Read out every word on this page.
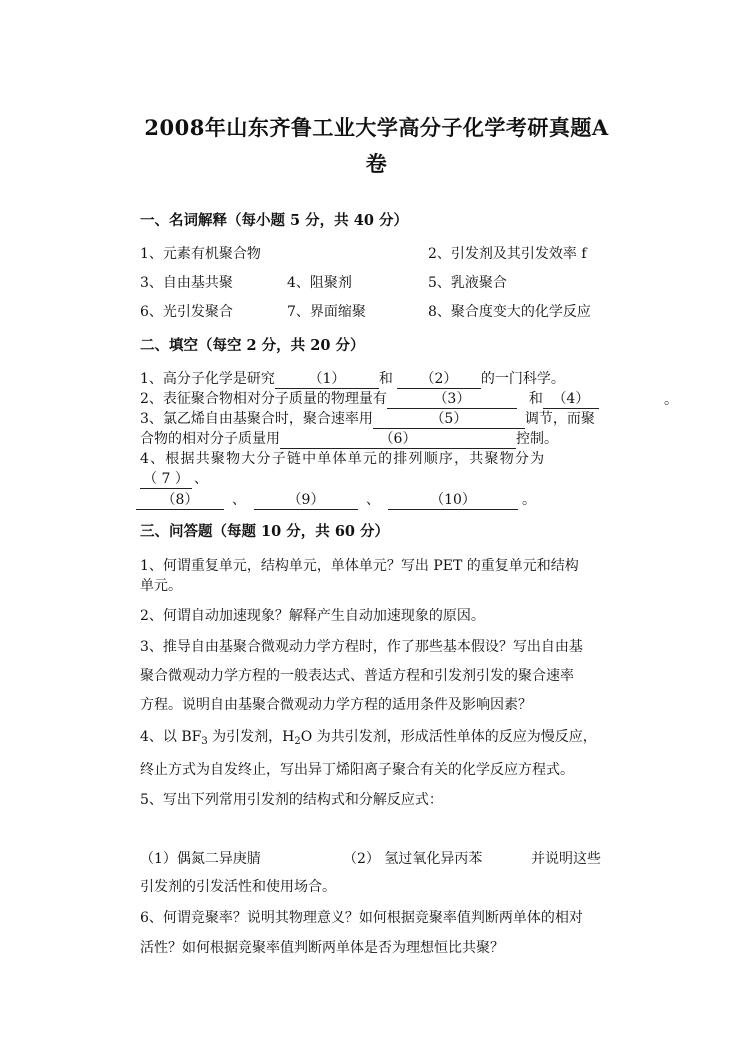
2008年山东齐鲁工业大学高分子化学考研真题A
卷
一、名词解释（每小题 5 分，共 40 分）
1、元素有机聚合物	2、引发剂及其引发效率 f
3、自由基共聚	4、阻聚剂	5、乳液聚合
6、光引发聚合	7、界面缩聚	8、聚合度变大的化学反应
二、填空（每空 2 分，共 20 分）
1、高分子化学是研究 （1） 和 （2） 的一门科学。
2、表征聚合物相对分子质量的物理量有	（3）	和 （4）	。
3、氯乙烯自由基聚合时，聚合速率用	（5）	调节，而聚
合物的相对分子质量用	（6）	控制。
4、根据共聚物大分子链中单体单元的排列顺序，共聚物分为
（ 7 ） 、
（8） 、	（9）	、	（10）	。
三、问答题（每题 10 分，共 60 分）
1、何谓重复单元，结构单元，单体单元？写出 PET 的重复单元和结构
单元。
2、何谓自动加速现象？解释产生自动加速现象的原因。
3、推导自由基聚合微观动力学方程时，作了那些基本假设？写出自由基
聚合微观动力学方程的一般表达式、普适方程和引发剂引发的聚合速率
方程。说明自由基聚合微观动力学方程的适用条件及影响因素？
4、以 $BF_3$ 为引发剂，$H_2O$ 为共引发剂，形成活性单体的反应为慢反应，
终止方式为自发终止，写出异丁烯阳离子聚合有关的化学反应方程式。
5、写出下列常用引发剂的结构式和分解反应式：
（1）偶氮二异庚腈	（2） 氢过氧化异丙苯	并说明这些
引发剂的引发活性和使用场合。
6、何谓竞聚率？说明其物理意义？如何根据竞聚率值判断两单体的相对
活性？如何根据竞聚率值判断两单体是否为理想恒比共聚？
